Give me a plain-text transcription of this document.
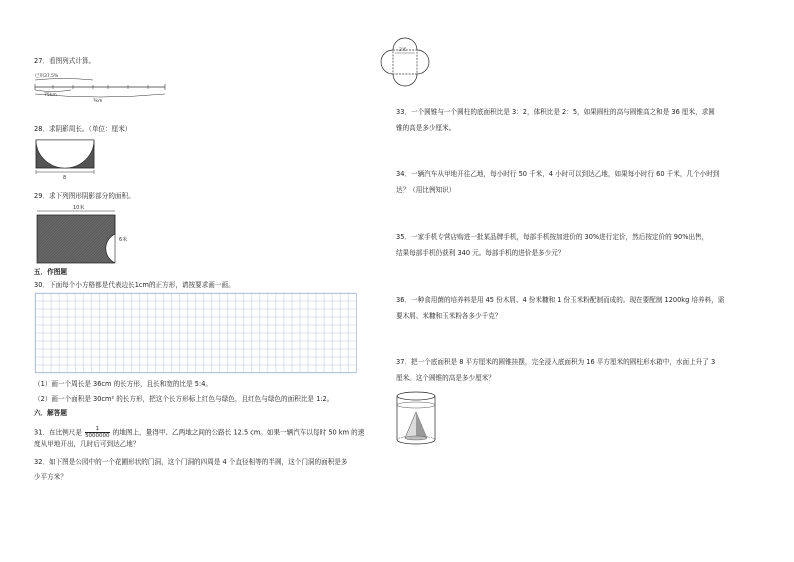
27．看图列式计算。
已用37.5%
75km
?km
28．求阴影周长。（单位：厘米）
8
29．求下列图形阴影部分的面积。
10米
6米
五．作图题
30．下面每个小方格都是代表边长1cm的正方形，请按要求画一画。
（1）画一个周长是 36cm 的长方形，且长和宽的比是 5:4。
（2）画一个面积是 30cm² 的长方形，把这个长方形标上红色与绿色，且红色与绿色的面积比是 1:2。
六．解答题
31．在比例尺是 $\frac{1}{5000000}$ 的地图上，量得甲、乙两地之间的公路长 12.5 cm。如果一辆汽车以每时 50 km 的速
度从甲地开出，几时后可到达乙地？
32．如下图是公园中的一个花圃形状的门洞，这个门洞的四周是 4 个直径相等的半圆，这个门洞的面积是多
少平方米？
2米
33．一个圆锥与一个圆柱的底面积比是 3：2，体积比是 2：5，如果圆柱的高与圆锥高之和是 36 厘米，求圆
锥的高是多少厘米。
34．一辆汽车从甲地开往乙地，每小时行 50 千米，4 小时可以到达乙地，如果每小时行 60 千米，几个小时到
达？（用比例知识）
35．一家手机专营店购进一批某品牌手机，每部手机按加进价的 30%进行定价，然后按定价的 90%出售，
结果每部手机仍获利 340 元。每部手机的进价是多少元？
36．一种食用菌的培养料是用 45 份木屑、4 份米糠和 1 份玉米粉配制而成的。现在要配制 1200kg 培养料，需
要木屑、米糠和玉米粉各多少千克？
37．把一个底面积是 8 平方厘米的圆锥挂摆，完全浸入底面积为 16 平方厘米的圆柱形水箱中，水面上升了 3
厘米。这个圆锥的高是多少厘米？
